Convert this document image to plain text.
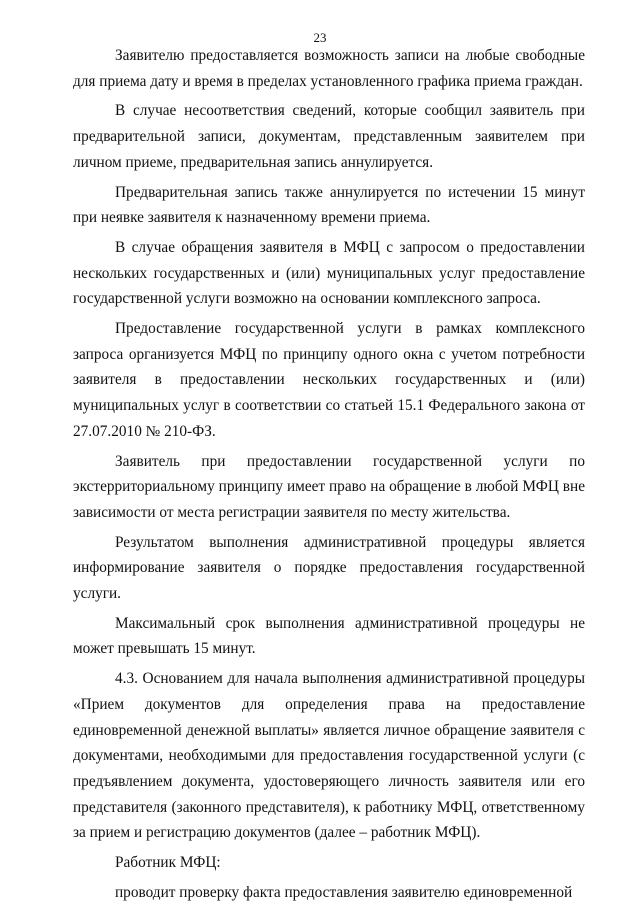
23

Заявителю предоставляется возможность записи на любые свободные для приема дату и время в пределах установленного графика приема граждан.

В случае несоответствия сведений, которые сообщил заявитель при предварительной записи, документам, представленным заявителем при личном приеме, предварительная запись аннулируется.

Предварительная запись также аннулируется по истечении 15 минут при неявке заявителя к назначенному времени приема.

В случае обращения заявителя в МФЦ с запросом о предоставлении нескольких государственных и (или) муниципальных услуг предоставление государственной услуги возможно на основании комплексного запроса.

Предоставление государственной услуги в рамках комплексного запроса организуется МФЦ по принципу одного окна с учетом потребности заявителя в предоставлении нескольких государственных и (или) муниципальных услуг в соответствии со статьей 15.1 Федерального закона от 27.07.2010 № 210-ФЗ.

Заявитель при предоставлении государственной услуги по экстерриториальному принципу имеет право на обращение в любой МФЦ вне зависимости от места регистрации заявителя по месту жительства.

Результатом выполнения административной процедуры является информирование заявителя о порядке предоставления государственной услуги.

Максимальный срок выполнения административной процедуры не может превышать 15 минут.

4.3. Основанием для начала выполнения административной процедуры «Прием документов для определения права на предоставление единовременной денежной выплаты» является личное обращение заявителя с документами, необходимыми для предоставления государственной услуги (с предъявлением документа, удостоверяющего личность заявителя или его представителя (законного представителя), к работнику МФЦ, ответственному за прием и регистрацию документов (далее – работник МФЦ).

Работник МФЦ:

проводит проверку факта предоставления заявителю единовременной
